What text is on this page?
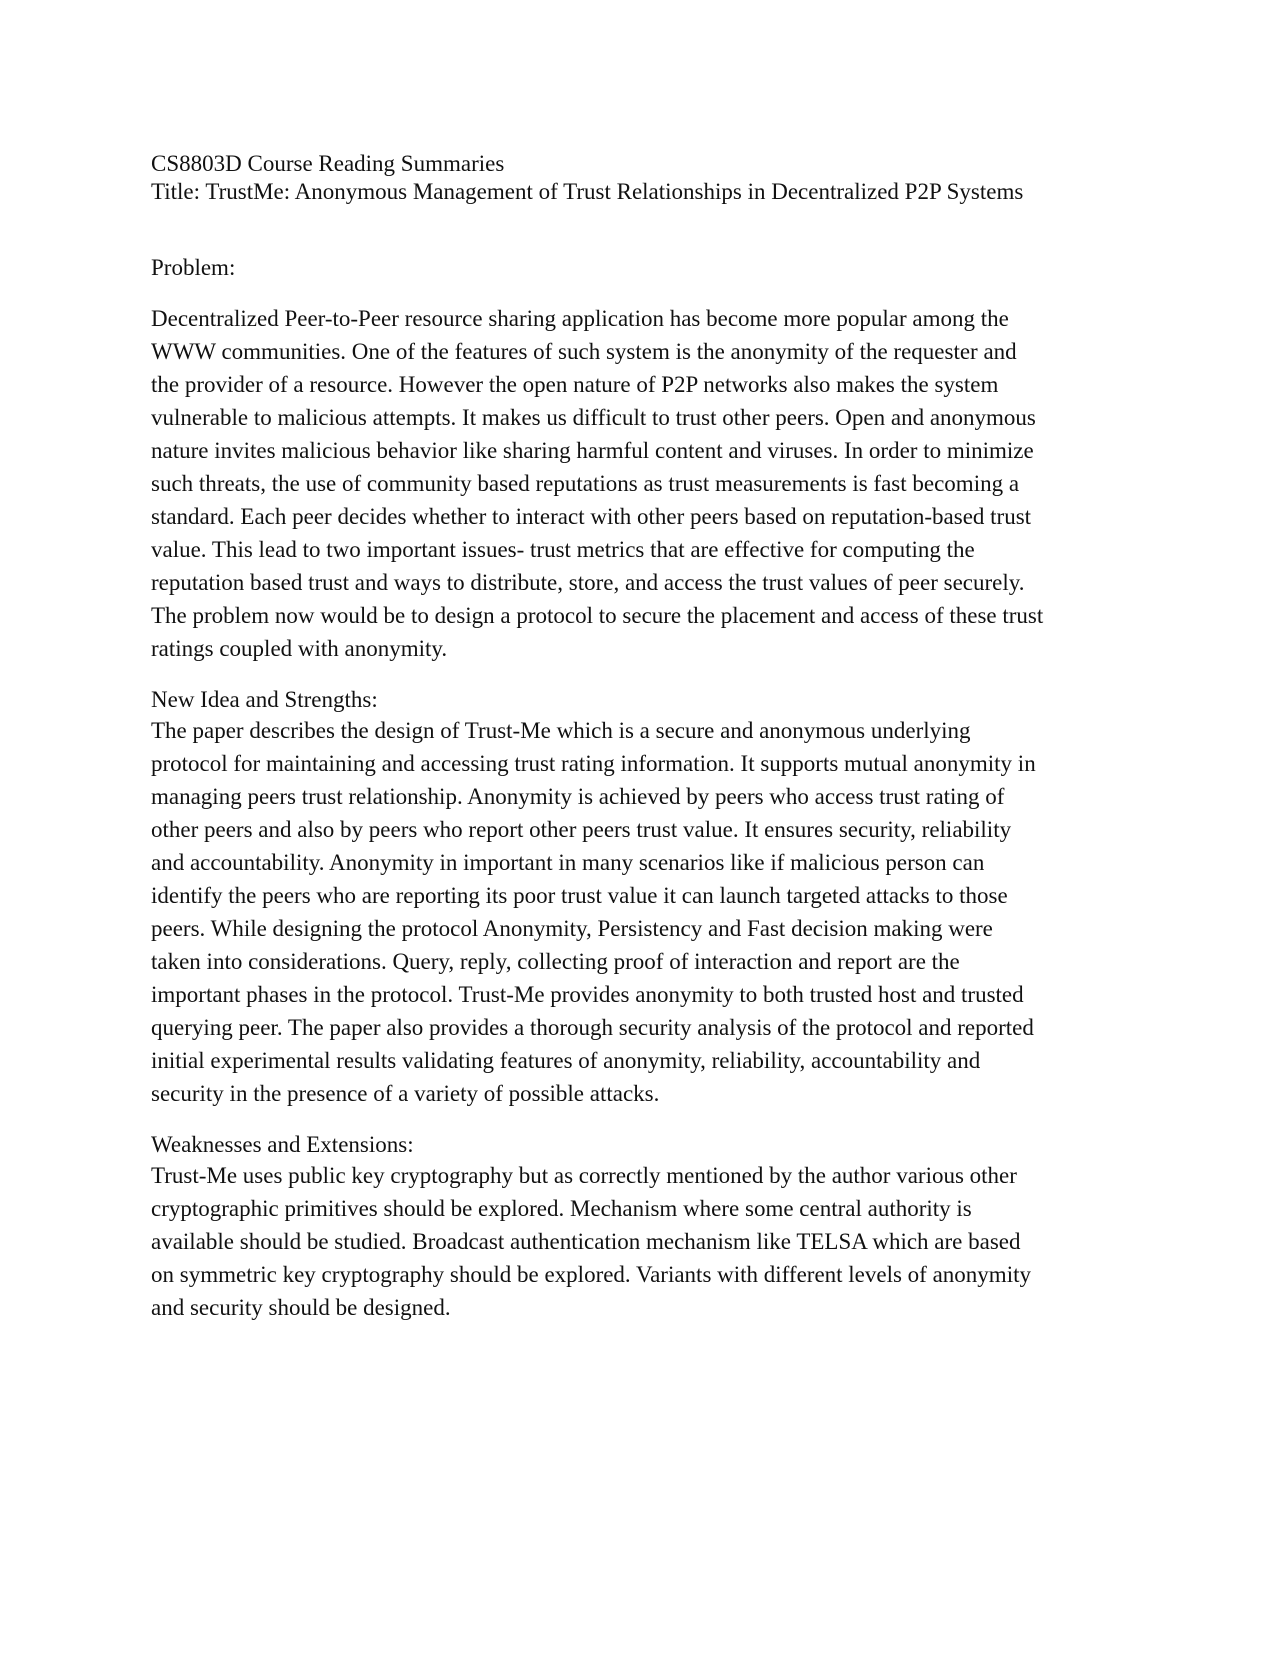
CS8803D Course Reading Summaries
Title: TrustMe: Anonymous Management of Trust Relationships in Decentralized P2P Systems
Problem:
Decentralized Peer-to-Peer resource sharing application has become more popular among the
WWW communities. One of the features of such system is the anonymity of the requester and
the provider of a resource. However the open nature of P2P networks also makes the system
vulnerable to malicious attempts. It makes us difficult to trust other peers. Open and anonymous
nature invites malicious behavior like sharing harmful content and viruses. In order to minimize
such threats, the use of community based reputations as trust measurements is fast becoming a
standard. Each peer decides whether to interact with other peers based on reputation-based trust
value. This lead to two important issues- trust metrics that are effective for computing the
reputation based trust and ways to distribute, store, and access the trust values of peer securely.
The problem now would be to design a protocol to secure the placement and access of these trust
ratings coupled with anonymity.
New Idea and Strengths:
The paper describes the design of Trust-Me which is a secure and anonymous underlying
protocol for maintaining and accessing trust rating information. It supports mutual anonymity in
managing peers trust relationship. Anonymity is achieved by peers who access trust rating of
other peers and also by peers who report other peers trust value. It ensures security, reliability
and accountability. Anonymity in important in many scenarios like if malicious person can
identify the peers who are reporting its poor trust value it can launch targeted attacks to those
peers. While designing the protocol Anonymity, Persistency and Fast decision making were
taken into considerations. Query, reply, collecting proof of interaction and report are the
important phases in the protocol. Trust-Me provides anonymity to both trusted host and trusted
querying peer. The paper also provides a thorough security analysis of the protocol and reported
initial experimental results validating features of anonymity, reliability, accountability and
security in the presence of a variety of possible attacks.
Weaknesses and Extensions:
Trust-Me uses public key cryptography but as correctly mentioned by the author various other
cryptographic primitives should be explored. Mechanism where some central authority is
available should be studied. Broadcast authentication mechanism like TELSA which are based
on symmetric key cryptography should be explored. Variants with different levels of anonymity
and security should be designed.
